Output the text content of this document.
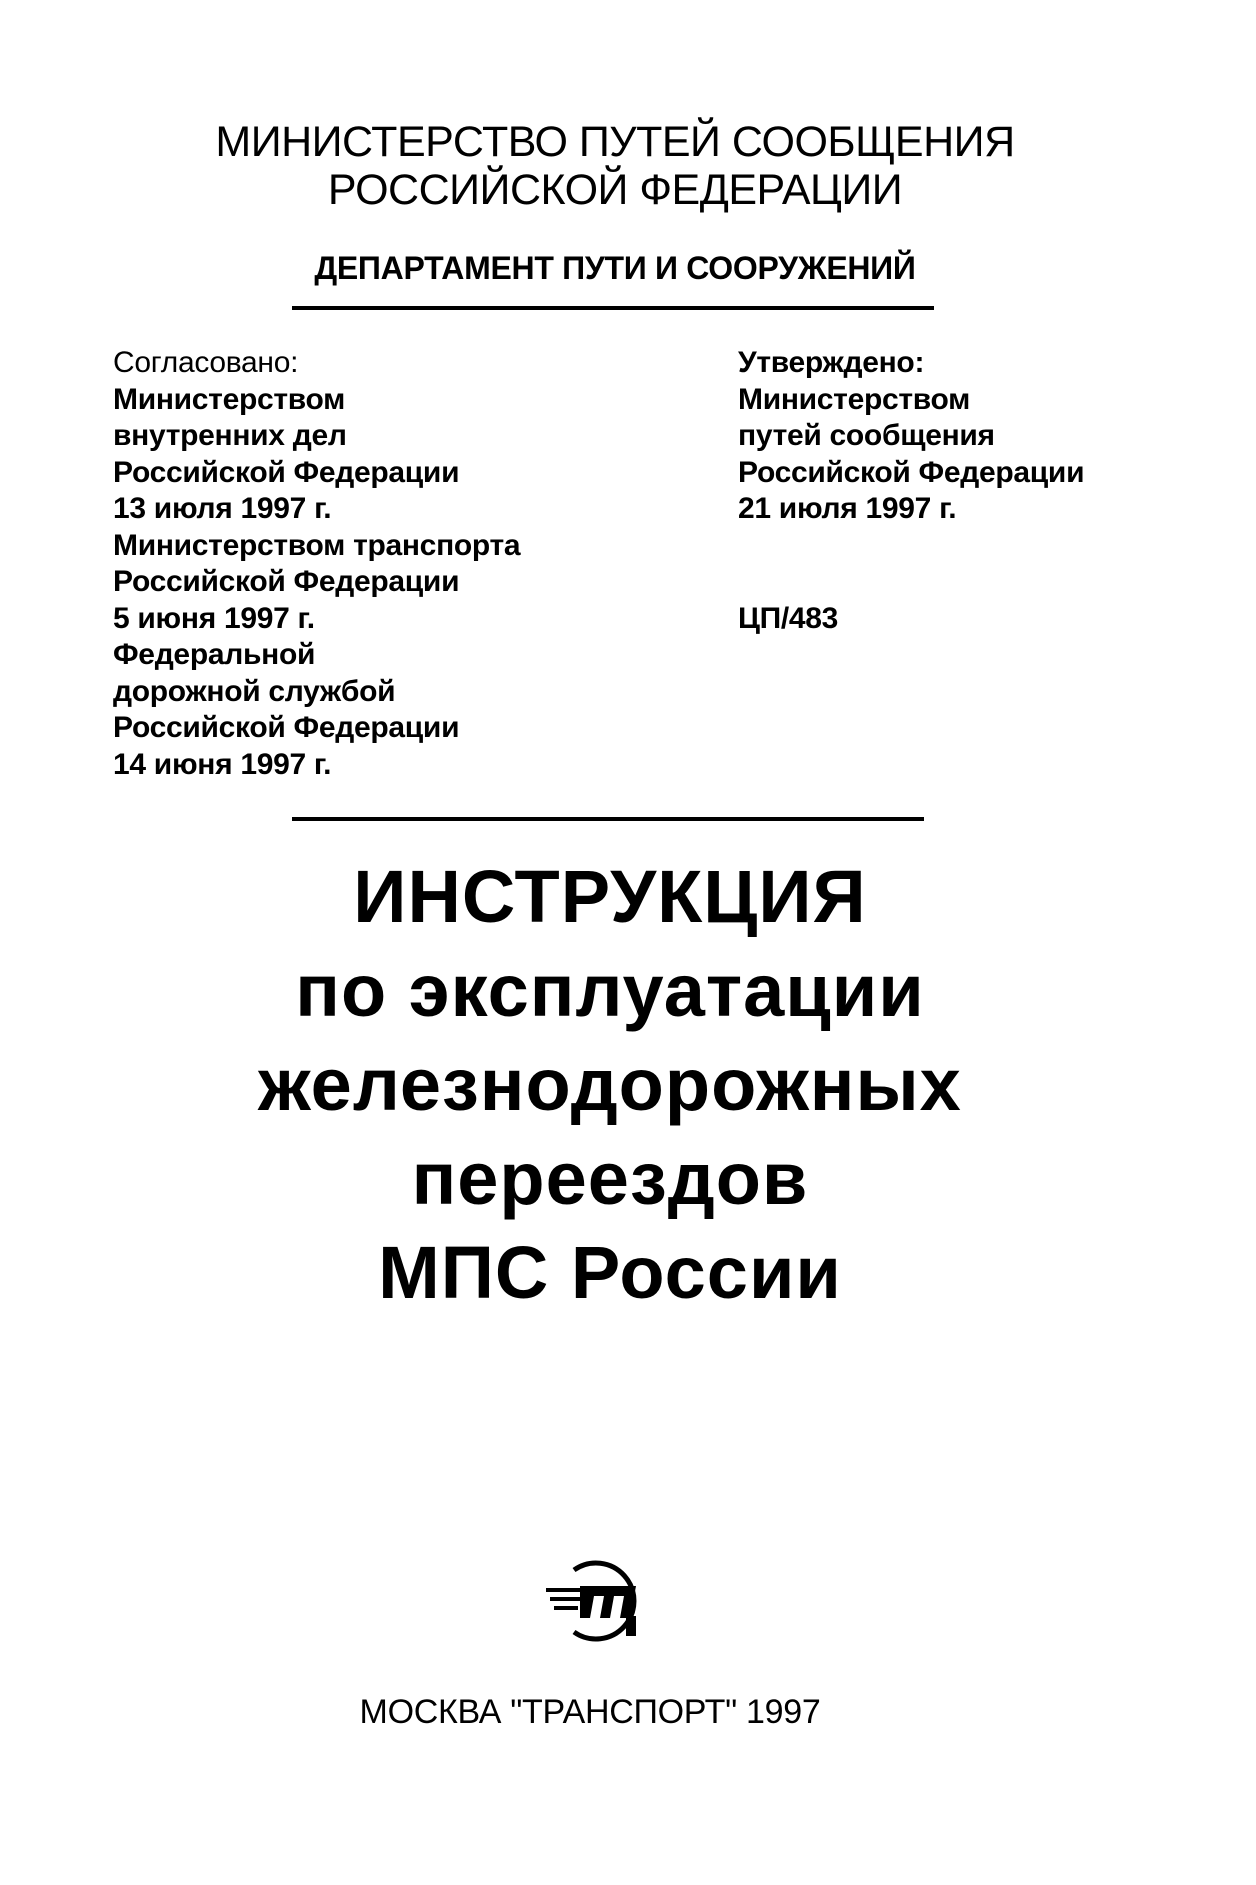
МИНИСТЕРСТВО ПУТЕЙ СООБЩЕНИЯ
РОССИЙСКОЙ ФЕДЕРАЦИИ
ДЕПАРТАМЕНТ ПУТИ И СООРУЖЕНИЙ
Согласовано:
Министерством
внутренних дел
Российской Федерации
13 июля 1997 г.
Министерством транспорта
Российской Федерации
5 июня 1997 г.
Федеральной
дорожной службой
Российской Федерации
14 июня 1997 г.
Утверждено:
Министерством
путей сообщения
Российской Федерации
21 июля 1997 г.
ЦП/483
ИНСТРУКЦИЯ
по эксплуатации
железнодорожных
переездов
МПС России
МОСКВА "ТРАНСПОРТ" 1997
